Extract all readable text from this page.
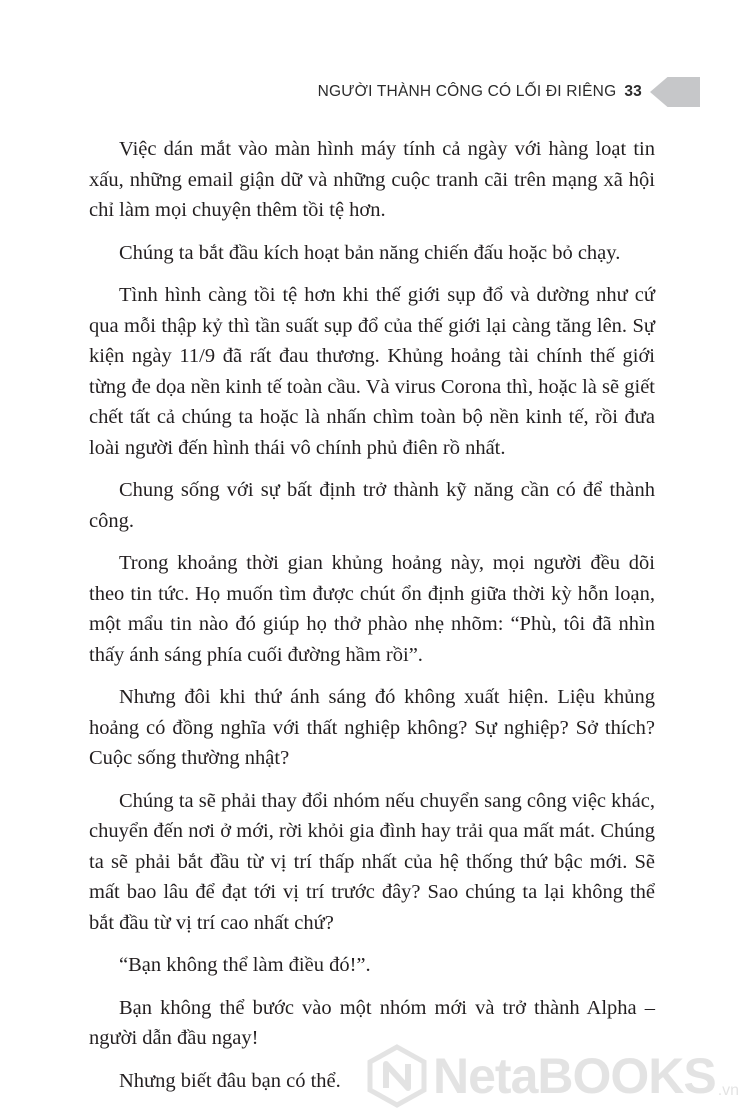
NGƯỜI THÀNH CÔNG CÓ LỐI ĐI RIÊNG 33

Việc dán mắt vào màn hình máy tính cả ngày với hàng loạt tin xấu, những email giận dữ và những cuộc tranh cãi trên mạng xã hội chỉ làm mọi chuyện thêm tồi tệ hơn.

Chúng ta bắt đầu kích hoạt bản năng chiến đấu hoặc bỏ chạy.

Tình hình càng tồi tệ hơn khi thế giới sụp đổ và dường như cứ qua mỗi thập kỷ thì tần suất sụp đổ của thế giới lại càng tăng lên. Sự kiện ngày 11/9 đã rất đau thương. Khủng hoảng tài chính thế giới từng đe dọa nền kinh tế toàn cầu. Và virus Corona thì, hoặc là sẽ giết chết tất cả chúng ta hoặc là nhấn chìm toàn bộ nền kinh tế, rồi đưa loài người đến hình thái vô chính phủ điên rồ nhất.

Chung sống với sự bất định trở thành kỹ năng cần có để thành công.

Trong khoảng thời gian khủng hoảng này, mọi người đều dõi theo tin tức. Họ muốn tìm được chút ổn định giữa thời kỳ hỗn loạn, một mẩu tin nào đó giúp họ thở phào nhẹ nhõm: “Phù, tôi đã nhìn thấy ánh sáng phía cuối đường hầm rồi”.

Nhưng đôi khi thứ ánh sáng đó không xuất hiện. Liệu khủng hoảng có đồng nghĩa với thất nghiệp không? Sự nghiệp? Sở thích? Cuộc sống thường nhật?

Chúng ta sẽ phải thay đổi nhóm nếu chuyển sang công việc khác, chuyển đến nơi ở mới, rời khỏi gia đình hay trải qua mất mát. Chúng ta sẽ phải bắt đầu từ vị trí thấp nhất của hệ thống thứ bậc mới. Sẽ mất bao lâu để đạt tới vị trí trước đây? Sao chúng ta lại không thể bắt đầu từ vị trí cao nhất chứ?

“Bạn không thể làm điều đó!”.

Bạn không thể bước vào một nhóm mới và trở thành Alpha – người dẫn đầu ngay!

Nhưng biết đâu bạn có thể.	NetaBOOKS .vn
